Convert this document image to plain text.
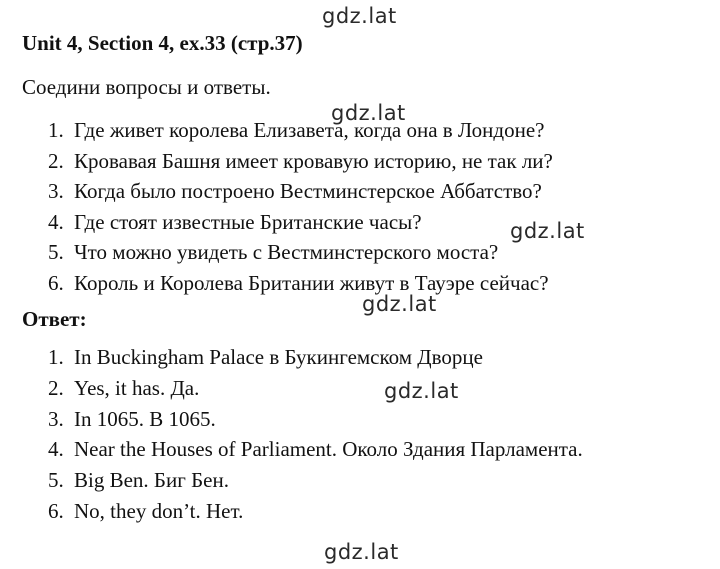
Unit 4, Section 4, ex.33 (стр.37)
Соедини вопросы и ответы.
1. Где живет королева Елизавета, когда она в Лондоне?
2. Кровавая Башня имеет кровавую историю, не так ли?
3. Когда было построено Вестминстерское Аббатство?
4. Где стоят известные Британские часы?
5. Что можно увидеть с Вестминстерского моста?
6. Король и Королева Британии живут в Тауэре сейчас?
Ответ:
1. In Buckingham Palace в Букингемском Дворце
2. Yes, it has. Да.
3. In 1065. В 1065.
4. Near the Houses of Parliament. Около Здания Парламента.
5. Big Ben. Биг Бен.
6. No, they don’t. Нет.
gdz.lat
gdz.lat
gdz.lat
gdz.lat
gdz.lat
gdz.lat
